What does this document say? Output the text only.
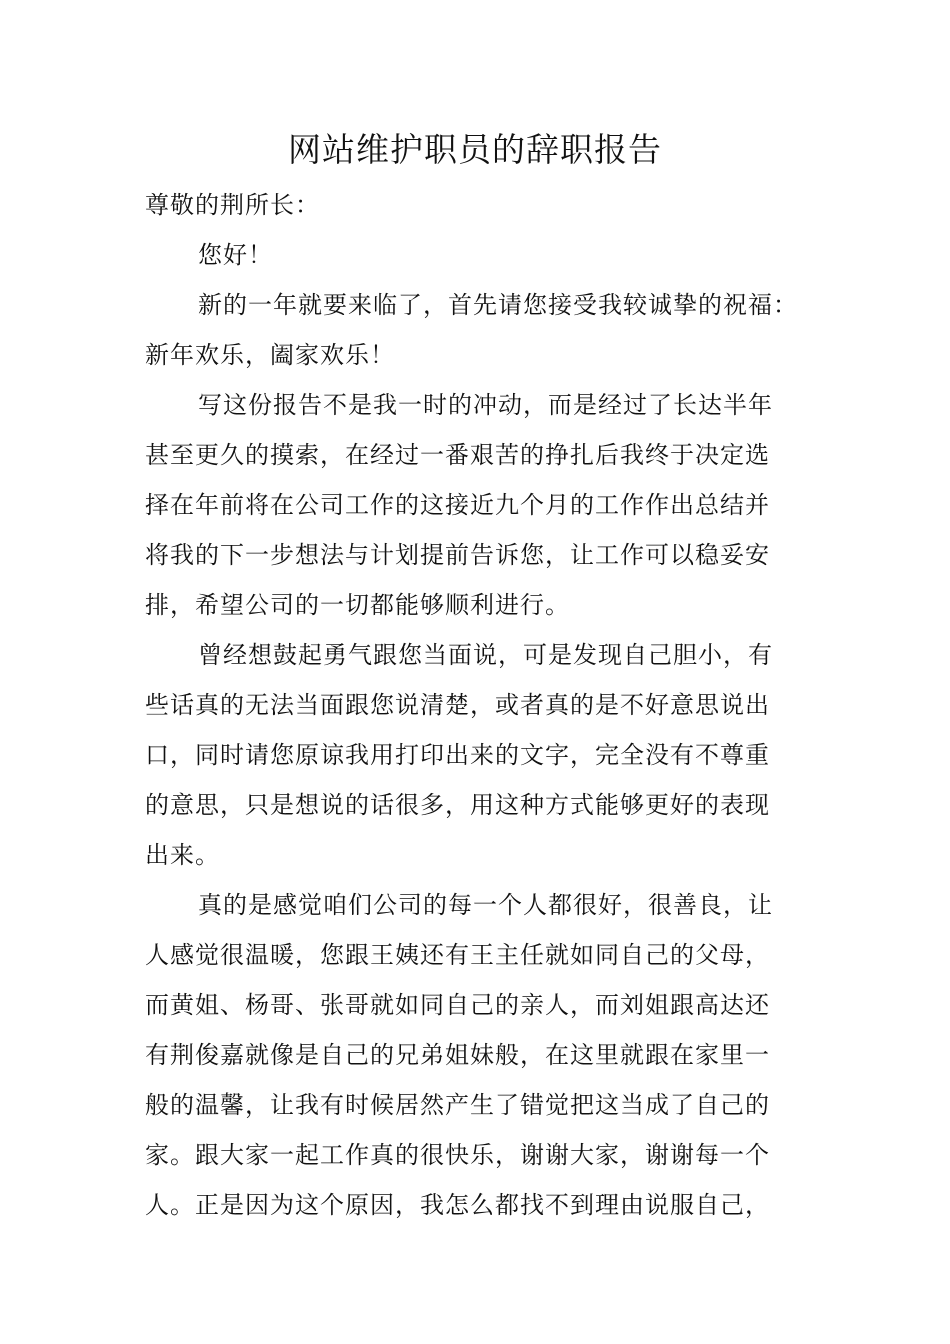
网站维护职员的辞职报告
尊敬的荆所长：
您好！
新的一年就要来临了，首先请您接受我较诚挚的祝福：
新年欢乐，阖家欢乐！
写这份报告不是我一时的冲动，而是经过了长达半年
甚至更久的摸索，在经过一番艰苦的挣扎后我终于决定选
择在年前将在公司工作的这接近九个月的工作作出总结并
将我的下一步想法与计划提前告诉您，让工作可以稳妥安
排，希望公司的一切都能够顺利进行。
曾经想鼓起勇气跟您当面说，可是发现自己胆小，有
些话真的无法当面跟您说清楚，或者真的是不好意思说出
口，同时请您原谅我用打印出来的文字，完全没有不尊重
的意思，只是想说的话很多，用这种方式能够更好的表现
出来。
真的是感觉咱们公司的每一个人都很好，很善良，让
人感觉很温暖，您跟王姨还有王主任就如同自己的父母，
而黄姐、杨哥、张哥就如同自己的亲人，而刘姐跟高达还
有荆俊嘉就像是自己的兄弟姐妹般，在这里就跟在家里一
般的温馨，让我有时候居然产生了错觉把这当成了自己的
家。跟大家一起工作真的很快乐，谢谢大家，谢谢每一个
人。正是因为这个原因，我怎么都找不到理由说服自己，
